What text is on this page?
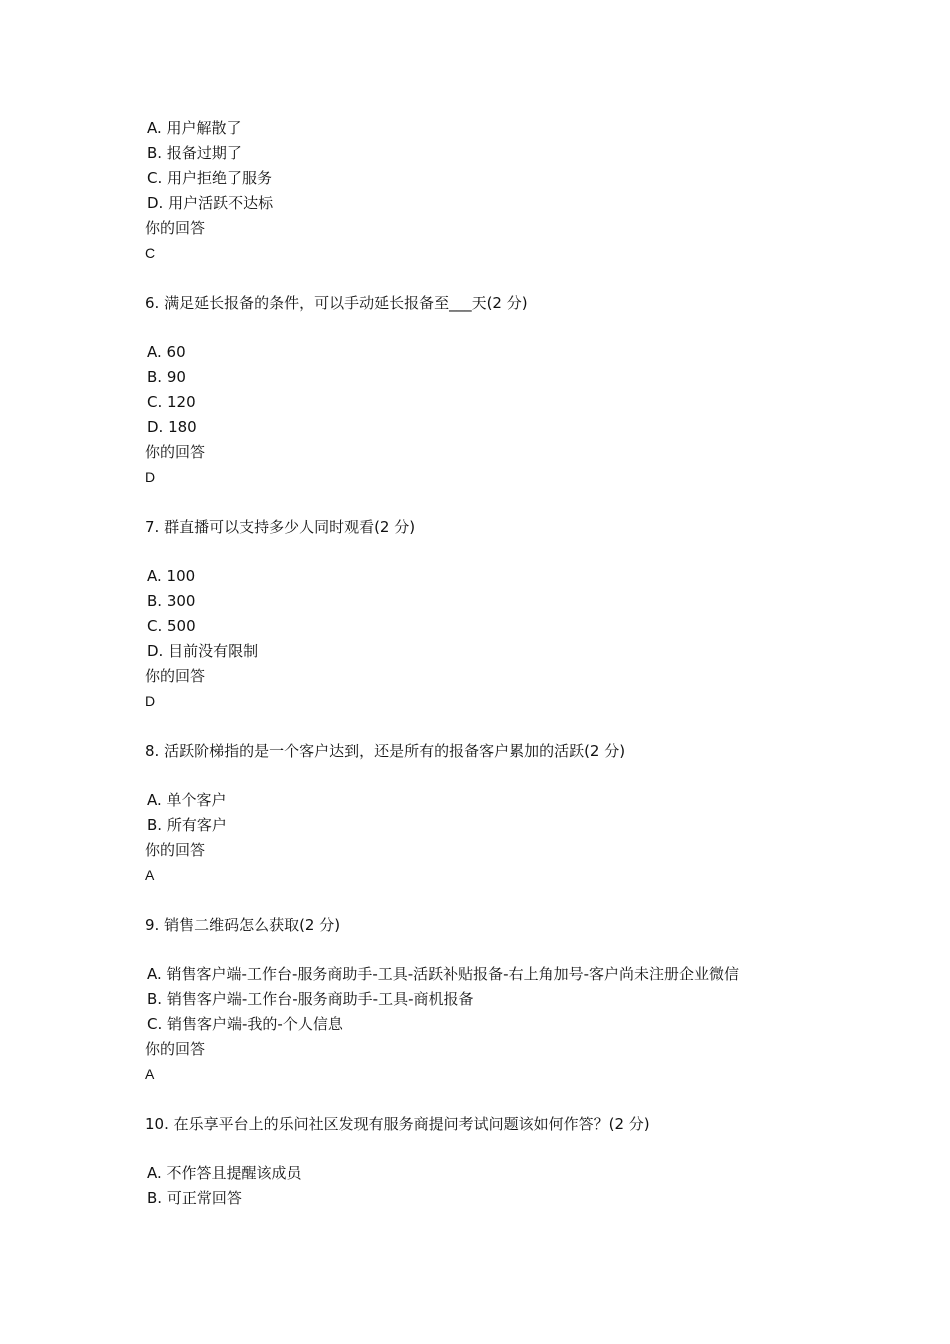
A. 用户解散了
B. 报备过期了
C. 用户拒绝了服务
D. 用户活跃不达标
你的回答
C
6. 满足延长报备的条件，可以手动延长报备至___天(2 分)
A. 60
B. 90
C. 120
D. 180
你的回答
D
7. 群直播可以支持多少人同时观看(2 分)
A. 100
B. 300
C. 500
D. 目前没有限制
你的回答
D
8. 活跃阶梯指的是一个客户达到，还是所有的报备客户累加的活跃(2 分)
A. 单个客户
B. 所有客户
你的回答
A
9. 销售二维码怎么获取(2 分)
A. 销售客户端-工作台-服务商助手-工具-活跃补贴报备-右上角加号-客户尚未注册企业微信
B. 销售客户端-工作台-服务商助手-工具-商机报备
C. 销售客户端-我的-个人信息
你的回答
A
10. 在乐享平台上的乐问社区发现有服务商提问考试问题该如何作答？(2 分)
A. 不作答且提醒该成员
B. 可正常回答
